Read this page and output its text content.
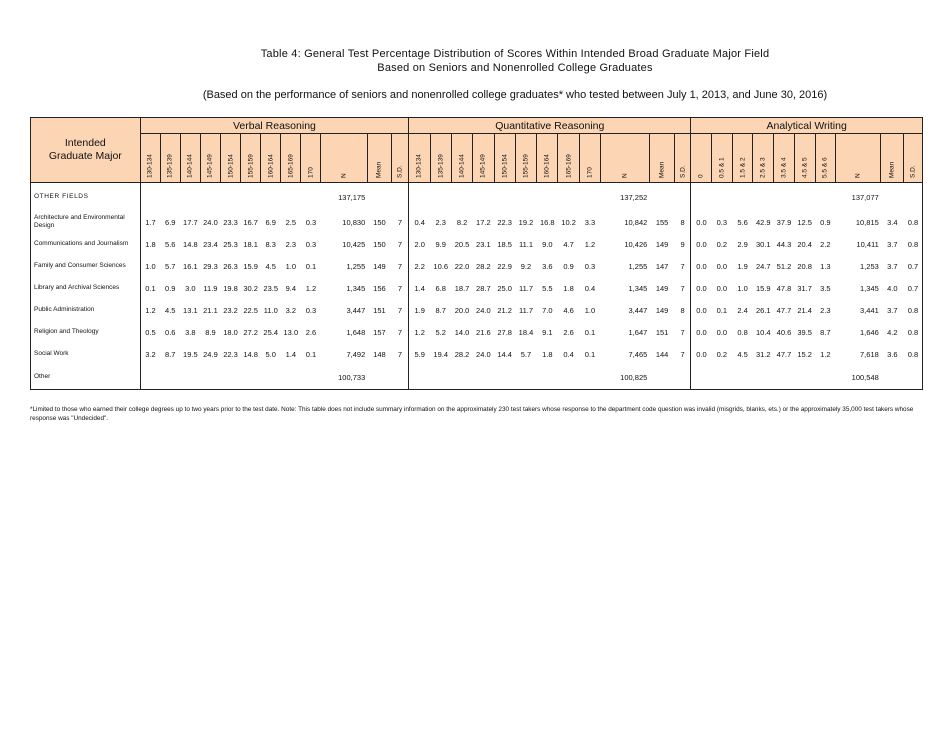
Table 4: General Test Percentage Distribution of Scores Within Intended Broad Graduate Major Field
Based on Seniors and Nonenrolled College Graduates
(Based on the performance of seniors and nonenrolled college graduates* who tested between July 1, 2013, and June 30, 2016)
Intended Graduate Major	Verbal Reasoning												Quantitative Reasoning												Analytical Writing									

	130-134	135-139	140-144	145-149	150-154	155-159	160-164	165-169	170	N	Mean	S.D.	130-134	135-139	140-144	145-149	150-154	155-159	160-164	165-169	170	N	Mean	S.D.	0	0.5 & 1	1.5 & 2	2.5 & 3	3.5 & 4	4.5 & 5	5.5 & 6	N	Mean	S.D.

OTHER FIELDS										137,175												137,252										137,077		
Architecture and Environmental Design	1.7	6.9	17.7	24.0	23.3	16.7	6.9	2.5	0.3	10,830	150	7	0.4	2.3	8.2	17.2	22.3	19.2	16.8	10.2	3.3	10,842	155	8	0.0	0.3	5.6	42.9	37.9	12.5	0.9	10,815	3.4	0.8
Communications and Journalism	1.8	5.6	14.8	23.4	25.3	18.1	8.3	2.3	0.3	10,425	150	7	2.0	9.9	20.5	23.1	18.5	11.1	9.0	4.7	1.2	10,426	149	9	0.0	0.2	2.9	30.1	44.3	20.4	2.2	10,411	3.7	0.8
Family and Consumer Sciences	1.0	5.7	16.1	29.3	26.3	15.9	4.5	1.0	0.1	1,255	149	7	2.2	10.6	22.0	28.2	22.9	9.2	3.6	0.9	0.3	1,255	147	7	0.0	0.0	1.9	24.7	51.2	20.8	1.3	1,253	3.7	0.7
Library and Archival Sciences	0.1	0.9	3.0	11.9	19.8	30.2	23.5	9.4	1.2	1,345	156	7	1.4	6.8	18.7	28.7	25.0	11.7	5.5	1.8	0.4	1,345	149	7	0.0	0.0	1.0	15.9	47.8	31.7	3.5	1,345	4.0	0.7
Public Administration	1.2	4.5	13.1	21.1	23.2	22.5	11.0	3.2	0.3	3,447	151	7	1.9	8.7	20.0	24.0	21.2	11.7	7.0	4.6	1.0	3,447	149	8	0.0	0.1	2.4	26.1	47.7	21.4	2.3	3,441	3.7	0.8
Religion and Theology	0.5	0.6	3.8	8.9	18.0	27.2	25.4	13.0	2.6	1,648	157	7	1.2	5.2	14.0	21.6	27.8	18.4	9.1	2.6	0.1	1,647	151	7	0.0	0.0	0.8	10.4	40.6	39.5	8.7	1,646	4.2	0.8
Social Work	3.2	8.7	19.5	24.9	22.3	14.8	5.0	1.4	0.1	7,492	148	7	5.9	19.4	28.2	24.0	14.4	5.7	1.8	0.4	0.1	7,465	144	7	0.0	0.2	4.5	31.2	47.7	15.2	1.2	7,618	3.6	0.8
Other										100,733												100,825										100,548		
*Limited to those who earned their college degrees up to two years prior to the test date. Note: This table does not include summary information on the approximately 230 test takers whose response to the department code question was invalid (misgrids, blanks, ets.) or the approximately 35,000 test takers whose response was "Undecided".
